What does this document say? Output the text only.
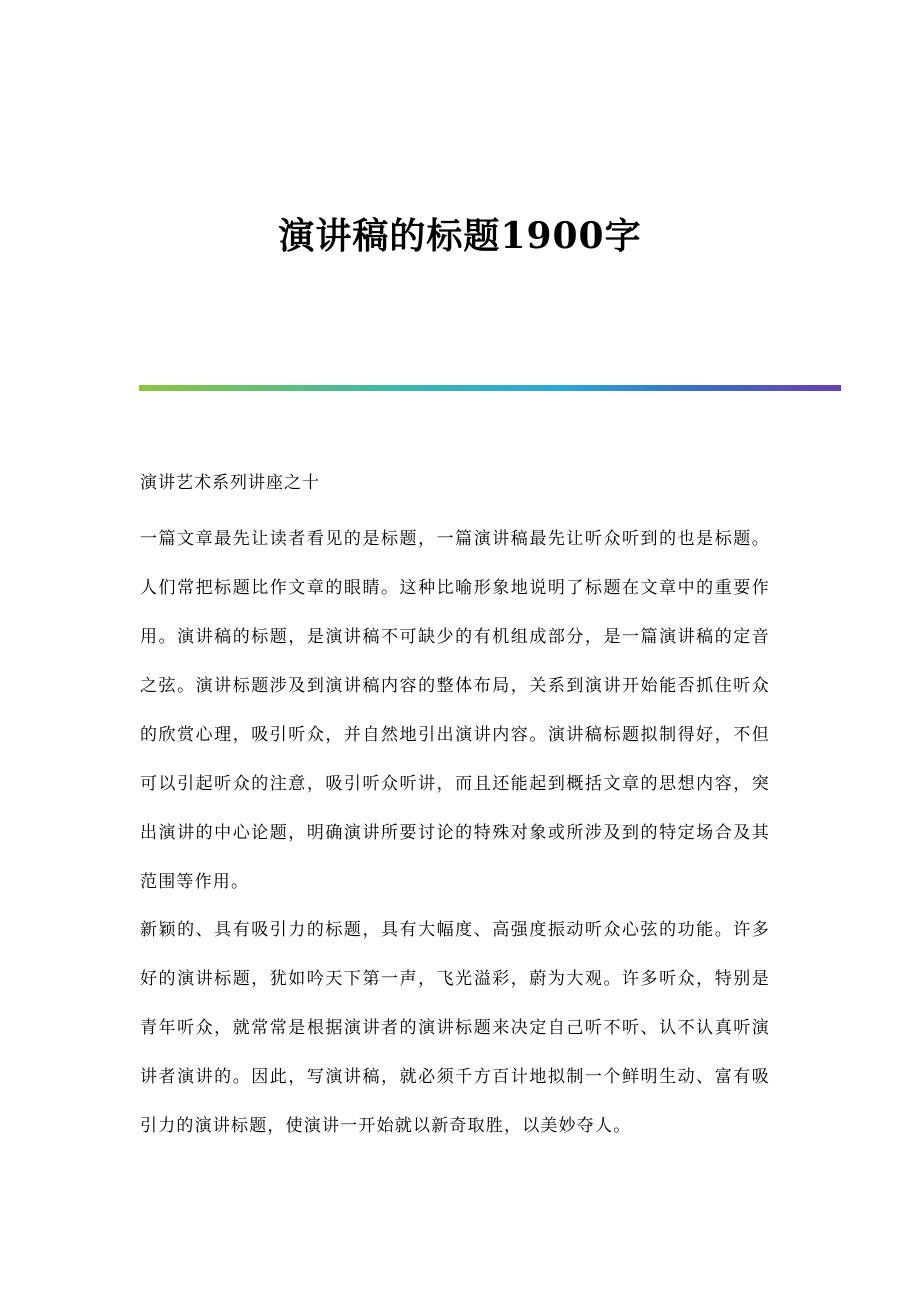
演讲稿的标题1900字
演讲艺术系列讲座之十

一篇文章最先让读者看见的是标题，一篇演讲稿最先让听众听到的也是标题。人们常把标题比作文章的眼睛。这种比喻形象地说明了标题在文章中的重要作用。演讲稿的标题，是演讲稿不可缺少的有机组成部分，是一篇演讲稿的定音之弦。演讲标题涉及到演讲稿内容的整体布局，关系到演讲开始能否抓住听众的欣赏心理，吸引听众，并自然地引出演讲内容。演讲稿标题拟制得好，不但可以引起听众的注意，吸引听众听讲，而且还能起到概括文章的思想内容，突出演讲的中心论题，明确演讲所要讨论的特殊对象或所涉及到的特定场合及其范围等作用。

新颖的、具有吸引力的标题，具有大幅度、高强度振动听众心弦的功能。许多好的演讲标题，犹如吟天下第一声，飞光溢彩，蔚为大观。许多听众，特别是青年听众，就常常是根据演讲者的演讲标题来决定自己听不听、认不认真听演讲者演讲的。因此，写演讲稿，就必须千方百计地拟制一个鲜明生动、富有吸引力的演讲标题，使演讲一开始就以新奇取胜，以美妙夺人。
